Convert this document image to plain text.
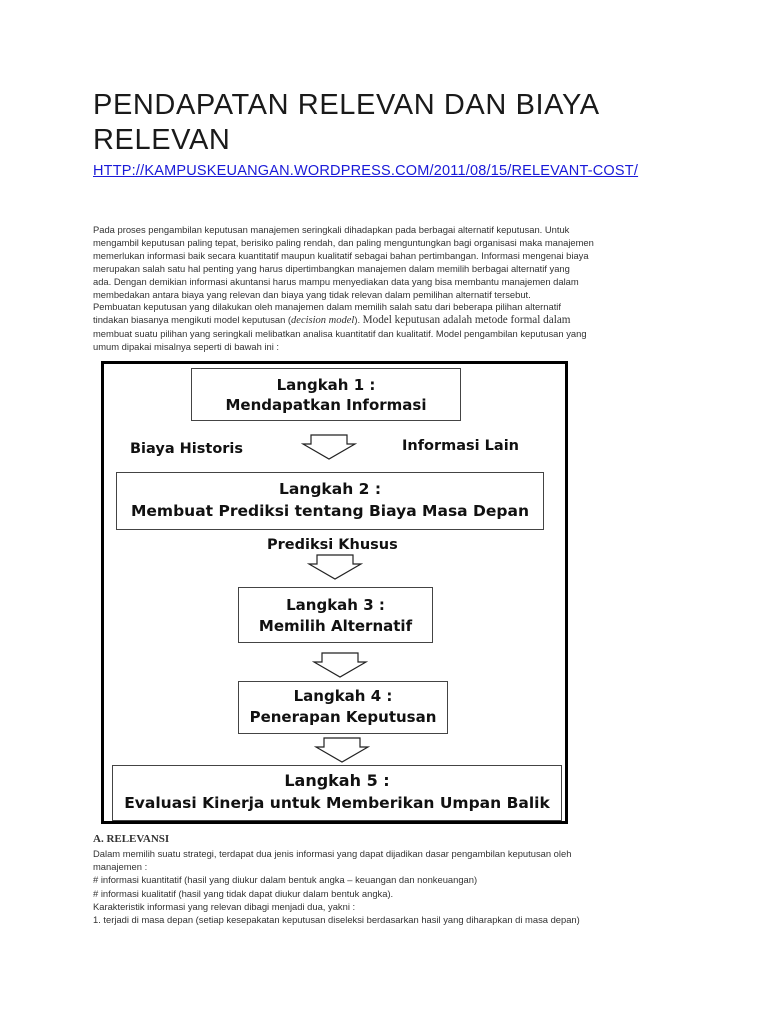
PENDAPATAN RELEVAN DAN BIAYA RELEVAN
HTTP://KAMPUSKEUANGAN.WORDPRESS.COM/2011/08/15/RELEVANT-COST/

Pada proses pengambilan keputusan manajemen seringkali dihadapkan pada berbagai alternatif keputusan. Untuk

mengambil keputusan paling tepat, berisiko paling rendah, dan paling menguntungkan bagi organisasi maka manajemen

memerlukan informasi baik secara kuantitatif maupun kualitatif sebagai bahan pertimbangan. Informasi mengenai biaya

merupakan salah satu hal penting yang harus dipertimbangkan manajemen dalam memilih berbagai alternatif yang

ada. Dengan demikian informasi akuntansi harus mampu menyediakan data yang bisa membantu manajemen dalam

membedakan antara biaya yang relevan dan biaya yang tidak relevan dalam pemilihan alternatif tersebut.

Pembuatan keputusan yang dilakukan oleh manajemen dalam memilih salah satu dari beberapa pilihan alternatif

tindakan biasanya mengikuti model keputusan (decision model). Model keputusan adalah metode formal dalam

membuat suatu pilihan yang seringkali melibatkan analisa kuantitatif dan kualitatif. Model pengambilan keputusan yang

umum dipakai misalnya seperti di bawah ini :

Langkah 1 :
Mendapatkan Informasi
Biaya Historis	Informasi Lain
Langkah 2 :
Membuat Prediksi tentang Biaya Masa Depan
Prediksi Khusus
Langkah 3 :
Memilih Alternatif
Langkah 4 :
Penerapan Keputusan
Langkah 5 :
Evaluasi Kinerja untuk Memberikan Umpan Balik

A. RELEVANSI

Dalam memilih suatu strategi, terdapat dua jenis informasi yang dapat dijadikan dasar pengambilan keputusan oleh

manajemen :

# informasi kuantitatif (hasil yang diukur dalam bentuk angka – keuangan dan nonkeuangan)

# informasi kualitatif (hasil yang tidak dapat diukur dalam bentuk angka).

Karakteristik informasi yang relevan dibagi menjadi dua, yakni :

1. terjadi di masa depan (setiap kesepakatan keputusan diseleksi berdasarkan hasil yang diharapkan di masa depan)
